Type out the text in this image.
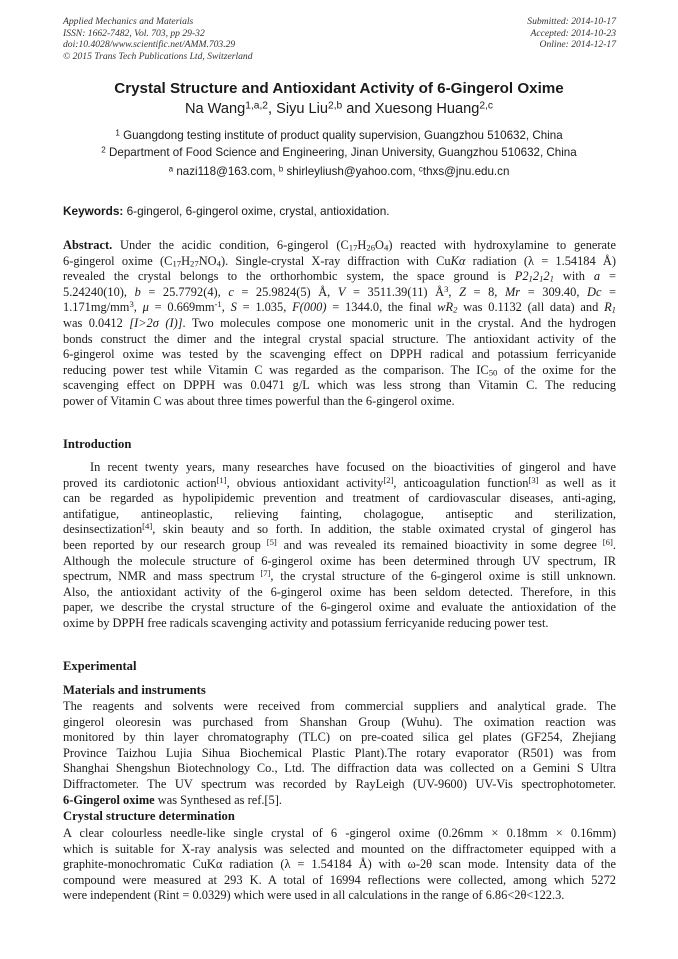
Applied Mechanics and Materials
ISSN: 1662-7482, Vol. 703, pp 29-32
doi:10.4028/www.scientific.net/AMM.703.29
© 2015 Trans Tech Publications Ltd, Switzerland
Submitted: 2014-10-17
Accepted: 2014-10-23
Online: 2014-12-17
Crystal Structure and Antioxidant Activity of 6-Gingerol Oxime
Na Wang$^{1,a,2}$, Siyu Liu$^{2,b}$ and Xuesong Huang$^{2,c}$
$^1$ Guangdong testing institute of product quality supervision, Guangzhou 510632, China
$^2$ Department of Food Science and Engineering, Jinan University, Guangzhou 510632, China
$^a$ nazi118@163.com, $^b$ shirleyliush@yahoo.com, $^c$thxs@jnu.edu.cn
Keywords: 6-gingerol, 6-gingerol oxime, crystal, antioxidation.
Abstract. Under the acidic condition, 6-gingerol $(C_{17}H_{26}O_4)$ reacted with hydroxylamine to generate
6-gingerol oxime $(C_{17}H_{27}NO_4)$. Single-crystal X-ray diffraction with CuKα radiation (λ = 1.54184 Å)
revealed the crystal belongs to the orthorhombic system, the space ground is $P2_12_12_1$ with a =
5.24240(10), b = 25.7792(4), c = 25.9824(5) Å, V = 3511.39(11) $Å^3$, Z = 8, Mr = 309.40, Dc =
$1.171mg/mm^3$, $\mu = 0.669mm^{-1}$, S = 1.035, F(000) = 1344.0, the final $wR_2$ was 0.1132 (all data) and $R_1$
was 0.0412 [I>2σ (I)]. Two molecules compose one monomeric unit in the crystal. And the hydrogen
bonds construct the dimer and the integral crystal spacial structure. The antioxidant activity of the
6-gingerol oxime was tested by the scavenging effect on DPPH radical and potassium ferricyanide
reducing power test while Vitamin C was regarded as the comparison. The $IC_{50}$ of the oxime for the
scavenging effect on DPPH was 0.0471 g/L which was less strong than Vitamin C. The reducing
power of Vitamin C was about three times powerful than the 6-gingerol oxime.
Introduction
In recent twenty years, many researches have focused on the bioactivities of gingerol and have
proved its cardiotonic action[1], obvious antioxidant activity[2], anticoagulation function[3] as well as it
can be regarded as hypolipidemic prevention and treatment of cardiovascular diseases, anti-aging,
antifatigue, antineoplastic, relieving fainting, cholagogue, antiseptic and sterilization,
desinsectization[4], skin beauty and so forth. In addition, the stable oximated crystal of gingerol has
been reported by our research group [5] and was revealed its remained bioactivity in some degree [6].
Although the molecule structure of 6-gingerol oxime has been determined through UV spectrum, IR
spectrum, NMR and mass spectrum [7], the crystal structure of the 6-gingerol oxime is still unknown.
Also, the antioxidant activity of the 6-gingerol oxime has been seldom detected. Therefore, in this
paper, we describe the crystal structure of the 6-gingerol oxime and evaluate the antioxidation of the
oxime by DPPH free radicals scavenging activity and potassium ferricyanide reducing power test.
Experimental
Materials and instruments
The reagents and solvents were received from commercial suppliers and analytical grade. The
gingerol oleoresin was purchased from Shanshan Group (Wuhu). The oximation reaction was
monitored by thin layer chromatography (TLC) on pre-coated silica gel plates (GF254, Zhejiang
Province Taizhou Lujia Sihua Biochemical Plastic Plant).The rotary evaporator (R501) was from
Shanghai Shengshun Biotechnology Co., Ltd. The diffraction data was collected on a Gemini S Ultra
Diffractometer. The UV spectrum was recorded by RayLeigh (UV-9600) UV-Vis spectrophotometer.
6-Gingerol oxime was Synthesed as ref.[5].
Crystal structure determination
A clear colourless needle-like single crystal of 6 -gingerol oxime (0.26mm × 0.18mm × 0.16mm)
which is suitable for X-ray analysis was selected and mounted on the diffractometer equipped with a
graphite-monochromatic CuKα radiation (λ = 1.54184 Å) with ω-2θ scan mode. Intensity data of the
compound were measured at 293 K. A total of 16994 reflections were collected, among which 5272
were independent (Rint = 0.0329) which were used in all calculations in the range of 6.86<2θ<122.3.
